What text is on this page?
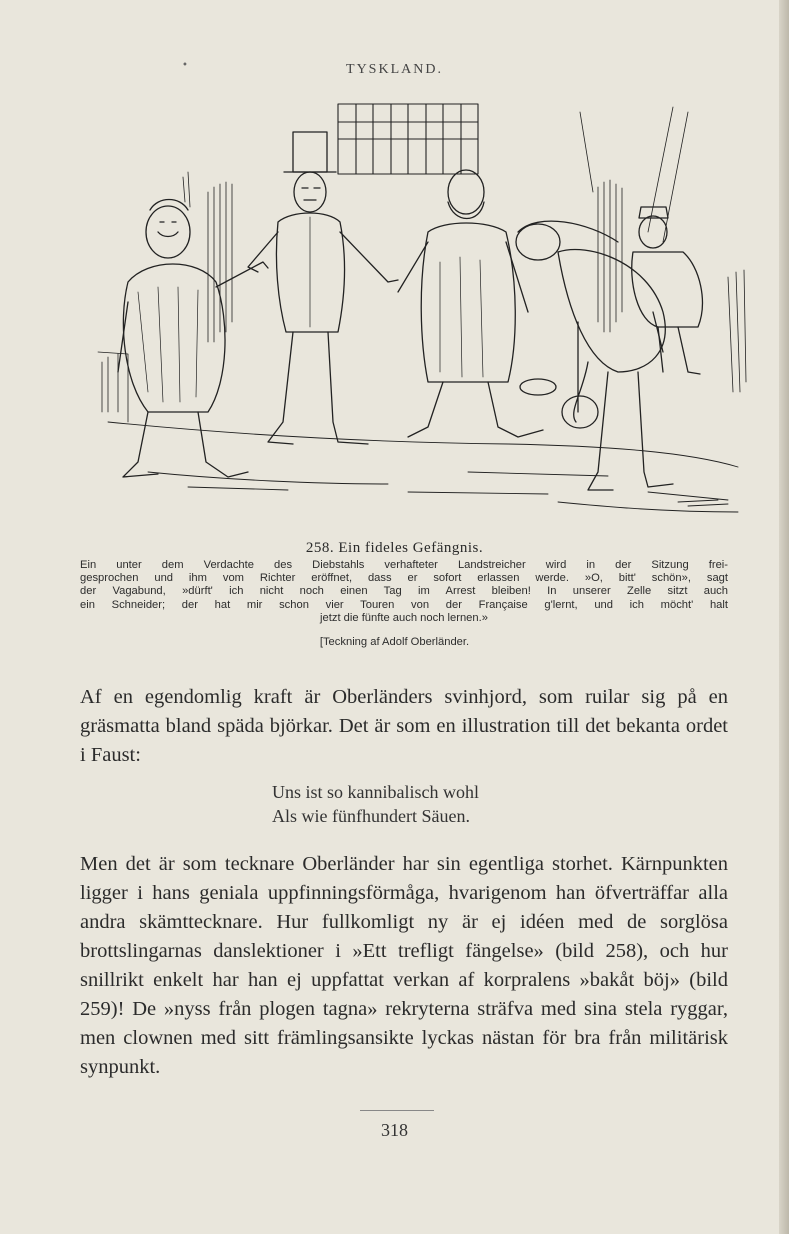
•	TYSKLAND.
258. Ein fideles Gefängnis.
Ein unter dem Verdachte des Diebstahls verhafteter Landstreicher wird in der Sitzung frei-
gesprochen und ihm vom Richter eröffnet, dass er sofort erlassen werde. »O, bitt' schön», sagt
der Vagabund, »dürft' ich nicht noch einen Tag im Arrest bleiben! In unserer Zelle sitzt auch
ein Schneider; der hat mir schon vier Touren von der Française g'lernt, und ich möcht' halt
jetzt die fünfte auch noch lernen.»
[Teckning af Adolf Oberländer.
Af en egendomlig kraft är Oberländers svinhjord, som ruilar sig på en gräsmatta bland späda björkar. Det är som en illustration till det bekanta ordet i Faust:
Uns ist so kannibalisch wohl
Als wie fünfhundert Säuen.
Men det är som tecknare Oberländer har sin egentliga storhet. Kärnpunkten ligger i hans geniala uppfinningsförmåga, hvarigenom han öfverträffar alla andra skämttecknare. Hur fullkomligt ny är ej idéen med de sorglösa brottslingarnas danslektioner i »Ett trefligt fängelse» (bild 258), och hur snillrikt enkelt har han ej uppfattat verkan af korpralens »bakåt böj» (bild 259)! De »nyss från plogen tagna» rekryterna sträfva med sina stela ryggar, men clownen med sitt främlingsansikte lyckas nästan för bra från militärisk synpunkt.
318
